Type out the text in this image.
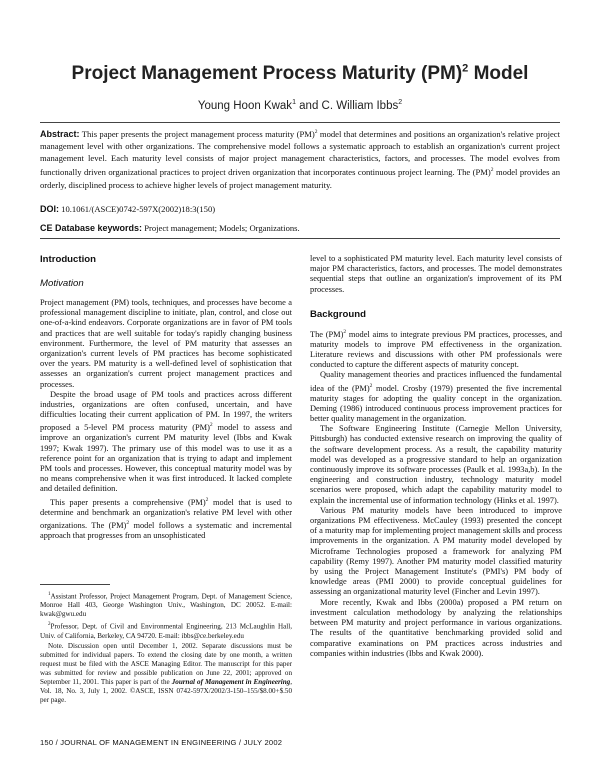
Project Management Process Maturity (PM)$^2$ Model
Young Hoon Kwak$^1$ and C. William Ibbs$^2$
Abstract: This paper presents the project management process maturity (PM)$^2$ model that determines and positions an organization's relative project management level with other organizations. The comprehensive model follows a systematic approach to establish an organization's current project management level. Each maturity level consists of major project management characteristics, factors, and processes. The model evolves from functionally driven organizational practices to project driven organization that incorporates continuous project learning. The (PM)$^2$ model provides an orderly, disciplined process to achieve higher levels of project management maturity.
DOI: 10.1061/(ASCE)0742-597X(2002)18:3(150)
CE Database keywords: Project management; Models; Organizations.
Introduction
Motivation

Project management (PM) tools, techniques, and processes have become a professional management discipline to initiate, plan, control, and close out one-of-a-kind endeavors. Corporate organizations are in favor of PM tools and practices that are well suitable for today's rapidly changing business environment. Furthermore, the level of PM maturity that assesses an organization's current levels of PM practices has become sophisticated over the years. PM maturity is a well-defined level of sophistication that assesses an organization's current project management practices and processes.

Despite the broad usage of PM tools and practices across different industries, organizations are often confused, uncertain, and have difficulties locating their current application of PM. In 1997, the writers proposed a 5-level PM process maturity (PM)$^2$ model to assess and improve an organization's current PM maturity level (Ibbs and Kwak 1997; Kwak 1997). The primary use of this model was to use it as a reference point for an organization that is trying to adapt and implement PM tools and processes. However, this conceptual maturity model was by no means comprehensive when it was first introduced. It lacked complete and detailed definition.

This paper presents a comprehensive (PM)$^2$ model that is used to determine and benchmark an organization's relative PM level with other organizations. The (PM)$^2$ model follows a systematic and incremental approach that progresses from an unsophisticated

$^1$Assistant Professor, Project Management Program, Dept. of Management Science, Monroe Hall 403, George Washington Univ., Washington, DC 20052. E-mail: kwak@gwu.edu

$^2$Professor, Dept. of Civil and Environmental Engineering, 213 McLaughlin Hall, Univ. of California, Berkeley, CA 94720. E-mail: ibbs@ce.berkeley.edu

Note. Discussion open until December 1, 2002. Separate discussions must be submitted for individual papers. To extend the closing date by one month, a written request must be filed with the ASCE Managing Editor. The manuscript for this paper was submitted for review and possible publication on June 22, 2001; approved on September 11, 2001. This paper is part of the Journal of Management in Engineering, Vol. 18, No. 3, July 1, 2002. ©ASCE, ISSN 0742-597X/2002/3-150–155/$8.00+$.50 per page.

level to a sophisticated PM maturity level. Each maturity level consists of major PM characteristics, factors, and processes. The model demonstrates sequential steps that outline an organization's improvement of its PM processes.

Background

The (PM)$^2$ model aims to integrate previous PM practices, processes, and maturity models to improve PM effectiveness in the organization. Literature reviews and discussions with other PM professionals were conducted to capture the different aspects of maturity concept.

Quality management theories and practices influenced the fundamental idea of the (PM)$^2$ model. Crosby (1979) presented the five incremental maturity stages for adopting the quality concept in the organization. Deming (1986) introduced continuous process improvement practices for better quality management in the organization.

The Software Engineering Institute (Carnegie Mellon University, Pittsburgh) has conducted extensive research on improving the quality of the software development process. As a result, the capability maturity model was developed as a progressive standard to help an organization continuously improve its software processes (Paulk et al. 1993a,b). In the engineering and construction industry, technology maturity model scenarios were proposed, which adapt the capability maturity model to explain the incremental use of information technology (Hinks et al. 1997).

Various PM maturity models have been introduced to improve organizations PM effectiveness. McCauley (1993) presented the concept of a maturity map for implementing project management skills and process improvements in the organization. A PM maturity model developed by Microframe Technologies proposed a framework for analyzing PM capability (Remy 1997). Another PM maturity model classified maturity by using the Project Management Institute's (PMI's) PM body of knowledge areas (PMI 2000) to provide conceptual guidelines for assessing an organizational maturity level (Fincher and Levin 1997).

More recently, Kwak and Ibbs (2000a) proposed a PM return on investment calculation methodology by analyzing the relationships between PM maturity and project performance in various organizations. The results of the quantitative benchmarking provided solid and comparative examinations on PM practices across industries and companies within industries (Ibbs and Kwak 2000).

150 / JOURNAL OF MANAGEMENT IN ENGINEERING / JULY 2002
